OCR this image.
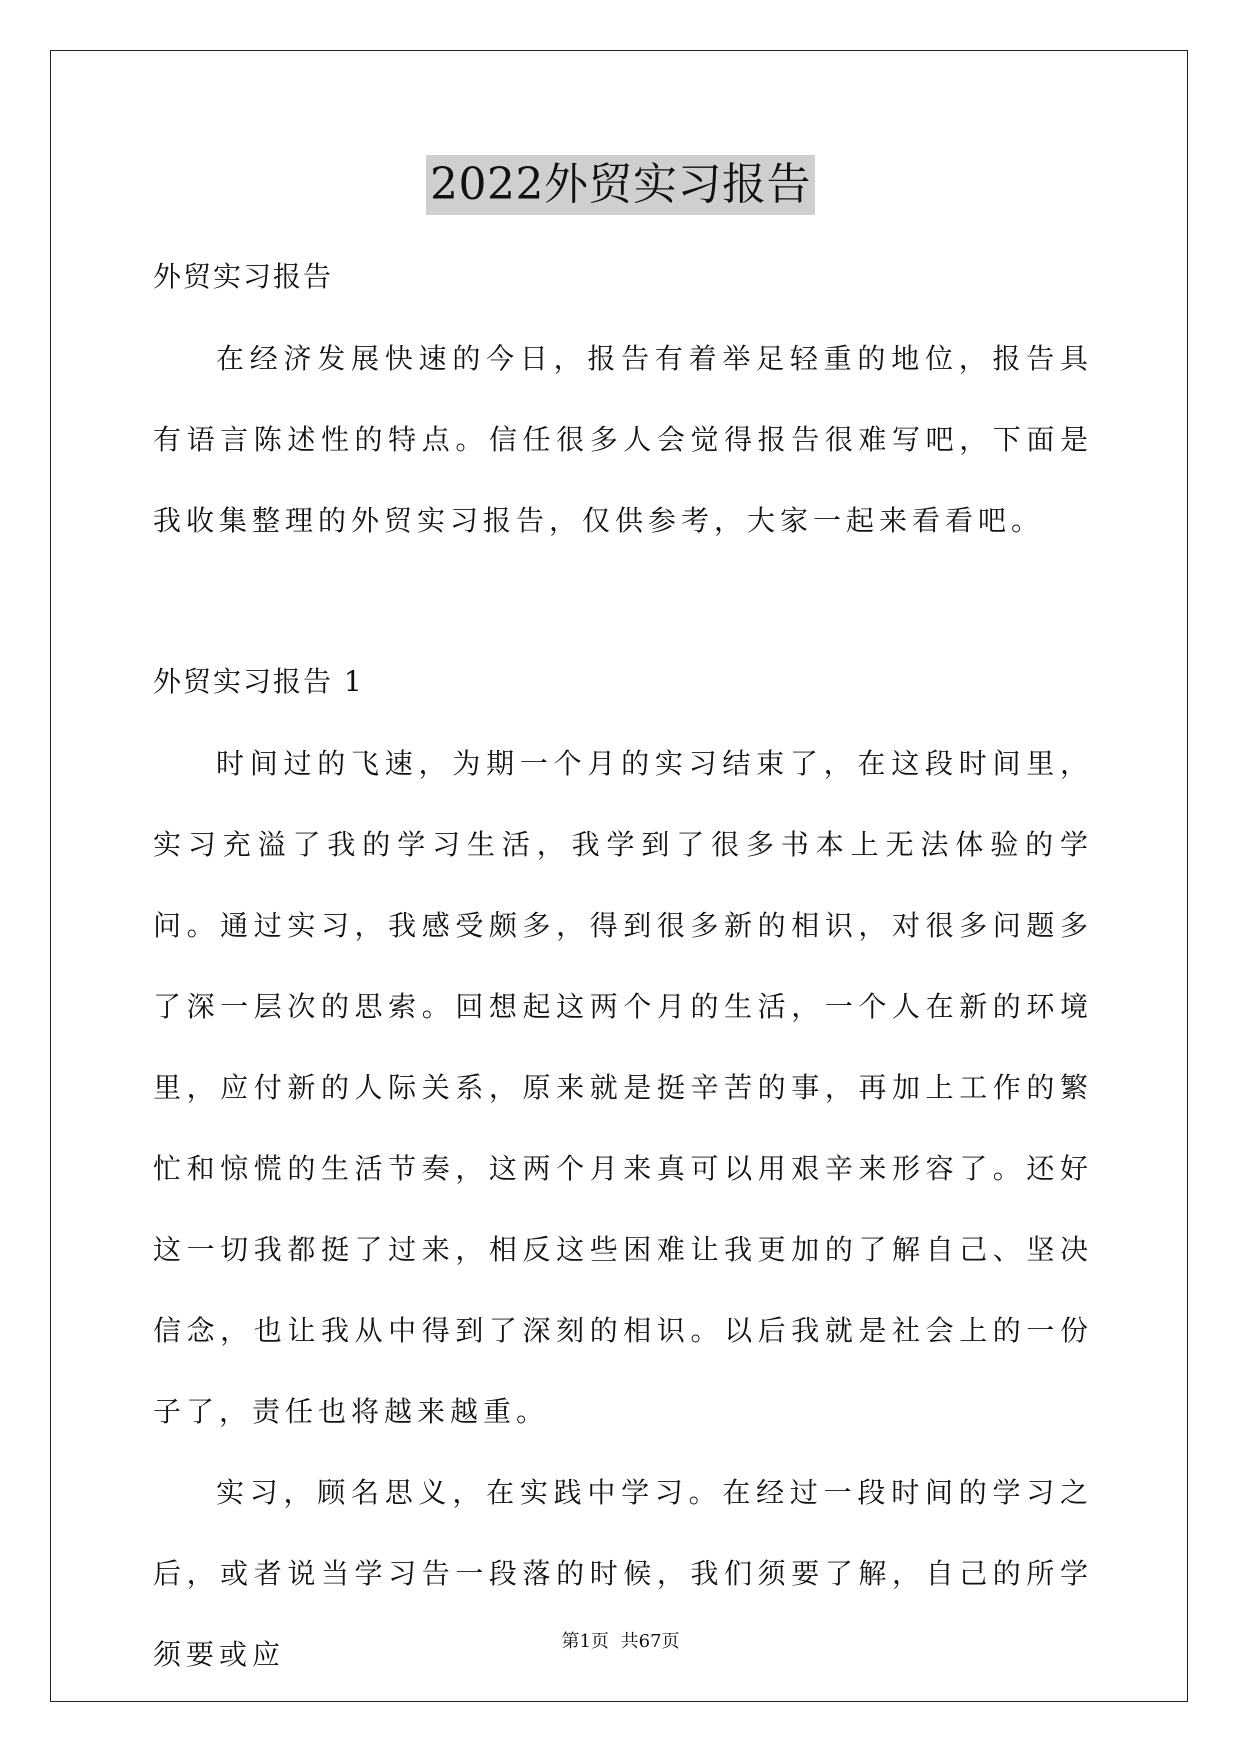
2022外贸实习报告

外贸实习报告

在经济发展快速的今日，报告有着举足轻重的地位，报告具有语言陈述性的特点。信任很多人会觉得报告很难写吧，下面是我收集整理的外贸实习报告，仅供参考，大家一起来看看吧。

外贸实习报告 1

时间过的飞速，为期一个月的实习结束了，在这段时间里，实习充溢了我的学习生活，我学到了很多书本上无法体验的学问。通过实习，我感受颇多，得到很多新的相识，对很多问题多了深一层次的思索。回想起这两个月的生活，一个人在新的环境里，应付新的人际关系，原来就是挺辛苦的事，再加上工作的繁忙和惊慌的生活节奏，这两个月来真可以用艰辛来形容了。还好这一切我都挺了过来，相反这些困难让我更加的了解自己、坚决信念，也让我从中得到了深刻的相识。以后我就是社会上的一份子了，责任也将越来越重。

实习，顾名思义，在实践中学习。在经过一段时间的学习之后，或者说当学习告一段落的时候，我们须要了解，自己的所学须要或应	第1页 共67页
